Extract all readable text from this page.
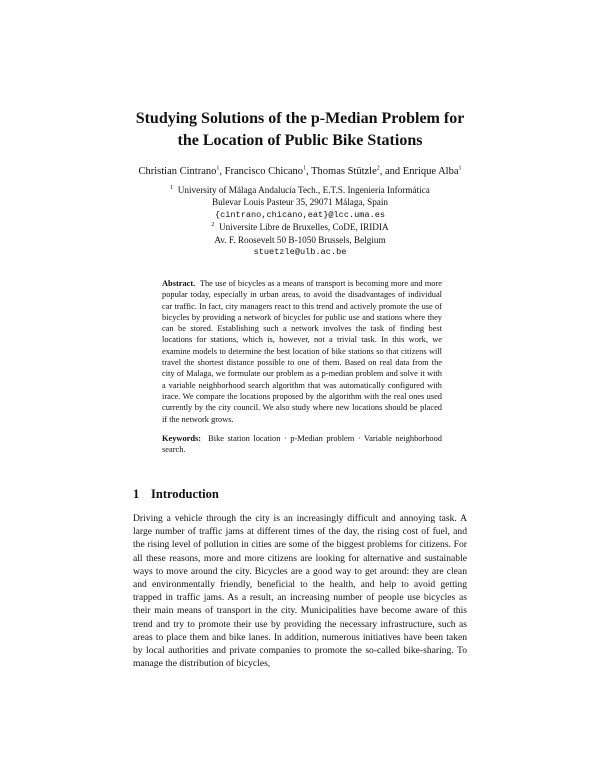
Studying Solutions of the p-Median Problem for
the Location of Public Bike Stations
Christian Cintrano$^1$, Francisco Chicano$^1$, Thomas Stützle$^2$, and Enrique Alba$^1$
$^1$ University of Málaga Andalucía Tech., E.T.S. Ingeniería Informática
Bulevar Louis Pasteur 35, 29071 Málaga, Spain
{cintrano,chicano,eat}@lcc.uma.es
$^2$ Universite Libre de Bruxelles, CoDE, IRIDIA
Av. F. Roosevelt 50 B-1050 Brussels, Belgium
stuetzle@ulb.ac.be

Abstract. The use of bicycles as a means of transport is becoming more and more popular today, especially in urban areas, to avoid the disadvantages of individual car traffic. In fact, city managers react to this trend and actively promote the use of bicycles by providing a network of bicycles for public use and stations where they can be stored. Establishing such a network involves the task of finding best locations for stations, which is, however, not a trivial task. In this work, we examine models to determine the best location of bike stations so that citizens will travel the shortest distance possible to one of them. Based on real data from the city of Malaga, we formulate our problem as a p-median problem and solve it with a variable neighborhood search algorithm that was automatically configured with irace. We compare the locations proposed by the algorithm with the real ones used currently by the city council. We also study where new locations should be placed if the network grows.

Keywords: Bike station location · p-Median problem · Variable neighborhood search.

1 Introduction

Driving a vehicle through the city is an increasingly difficult and annoying task. A large number of traffic jams at different times of the day, the rising cost of fuel, and the rising level of pollution in cities are some of the biggest problems for citizens. For all these reasons, more and more citizens are looking for alternative and sustainable ways to move around the city. Bicycles are a good way to get around: they are clean and environmentally friendly, beneficial to the health, and help to avoid getting trapped in traffic jams. As a result, an increasing number of people use bicycles as their main means of transport in the city. Municipalities have become aware of this trend and try to promote their use by providing the necessary infrastructure, such as areas to place them and bike lanes. In addition, numerous initiatives have been taken by local authorities and private companies to promote the so-called bike-sharing. To manage the distribution of bicycles,
